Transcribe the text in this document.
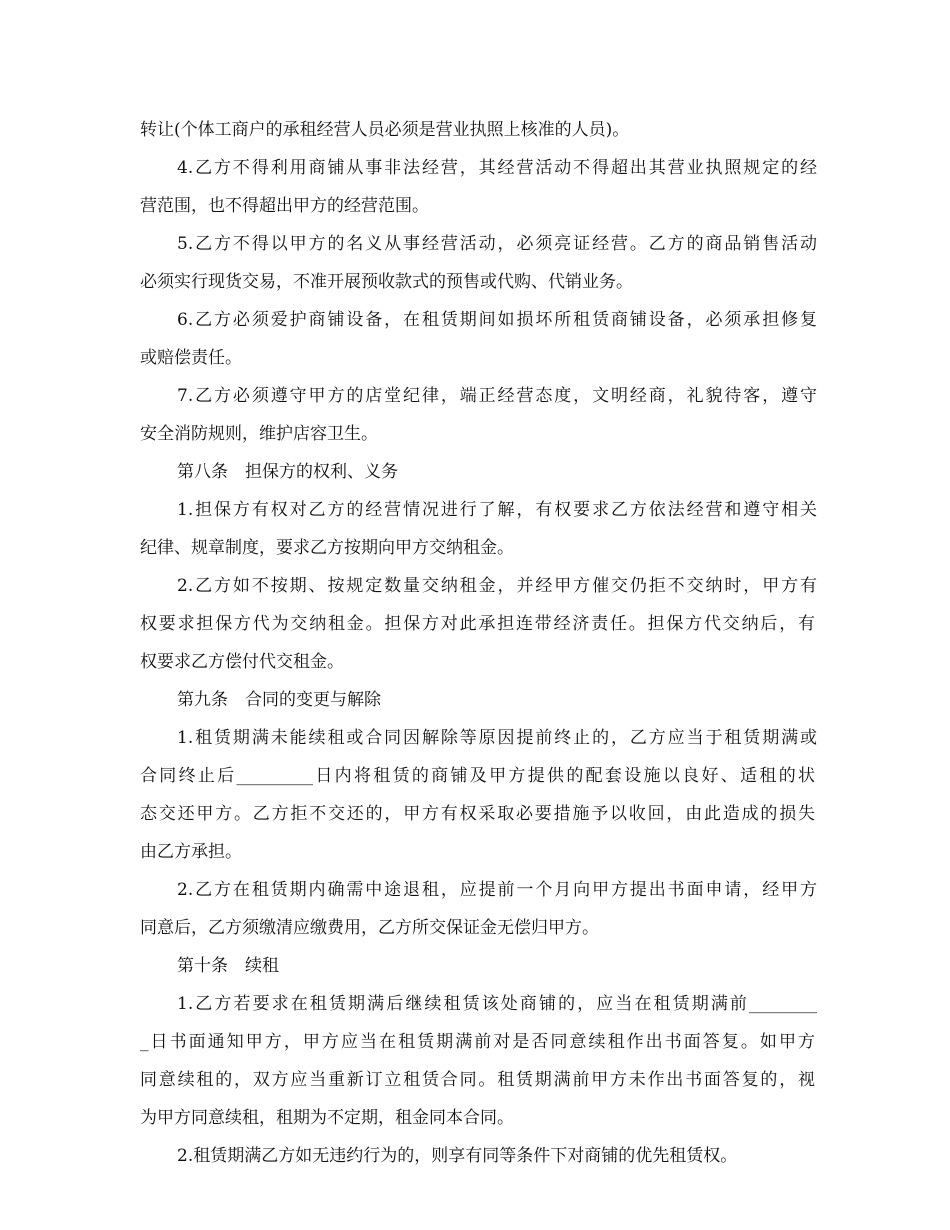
转让(个体工商户的承租经营人员必须是营业执照上核准的人员)。
4.乙方不得利用商铺从事非法经营，其经营活动不得超出其营业执照规定的经
营范围，也不得超出甲方的经营范围。
5.乙方不得以甲方的名义从事经营活动，必须亮证经营。乙方的商品销售活动
必须实行现货交易，不准开展预收款式的预售或代购、代销业务。
6.乙方必须爱护商铺设备，在租赁期间如损坏所租赁商铺设备，必须承担修复
或赔偿责任。
7.乙方必须遵守甲方的店堂纪律，端正经营态度，文明经商，礼貌待客，遵守
安全消防规则，维护店容卫生。
第八条　担保方的权利、义务
1.担保方有权对乙方的经营情况进行了解，有权要求乙方依法经营和遵守相关
纪律、规章制度，要求乙方按期向甲方交纳租金。
2.乙方如不按期、按规定数量交纳租金，并经甲方催交仍拒不交纳时，甲方有
权要求担保方代为交纳租金。担保方对此承担连带经济责任。担保方代交纳后，有
权要求乙方偿付代交租金。
第九条　合同的变更与解除
1.租赁期满未能续租或合同因解除等原因提前终止的，乙方应当于租赁期满或
合同终止后_________日内将租赁的商铺及甲方提供的配套设施以良好、适租的状
态交还甲方。乙方拒不交还的，甲方有权采取必要措施予以收回，由此造成的损失
由乙方承担。
2.乙方在租赁期内确需中途退租，应提前一个月向甲方提出书面申请，经甲方
同意后，乙方须缴清应缴费用，乙方所交保证金无偿归甲方。
第十条　续租
1.乙方若要求在租赁期满后继续租赁该处商铺的，应当在租赁期满前________
_日书面通知甲方，甲方应当在租赁期满前对是否同意续租作出书面答复。如甲方
同意续租的，双方应当重新订立租赁合同。租赁期满前甲方未作出书面答复的，视
为甲方同意续租，租期为不定期，租金同本合同。
2.租赁期满乙方如无违约行为的，则享有同等条件下对商铺的优先租赁权。
